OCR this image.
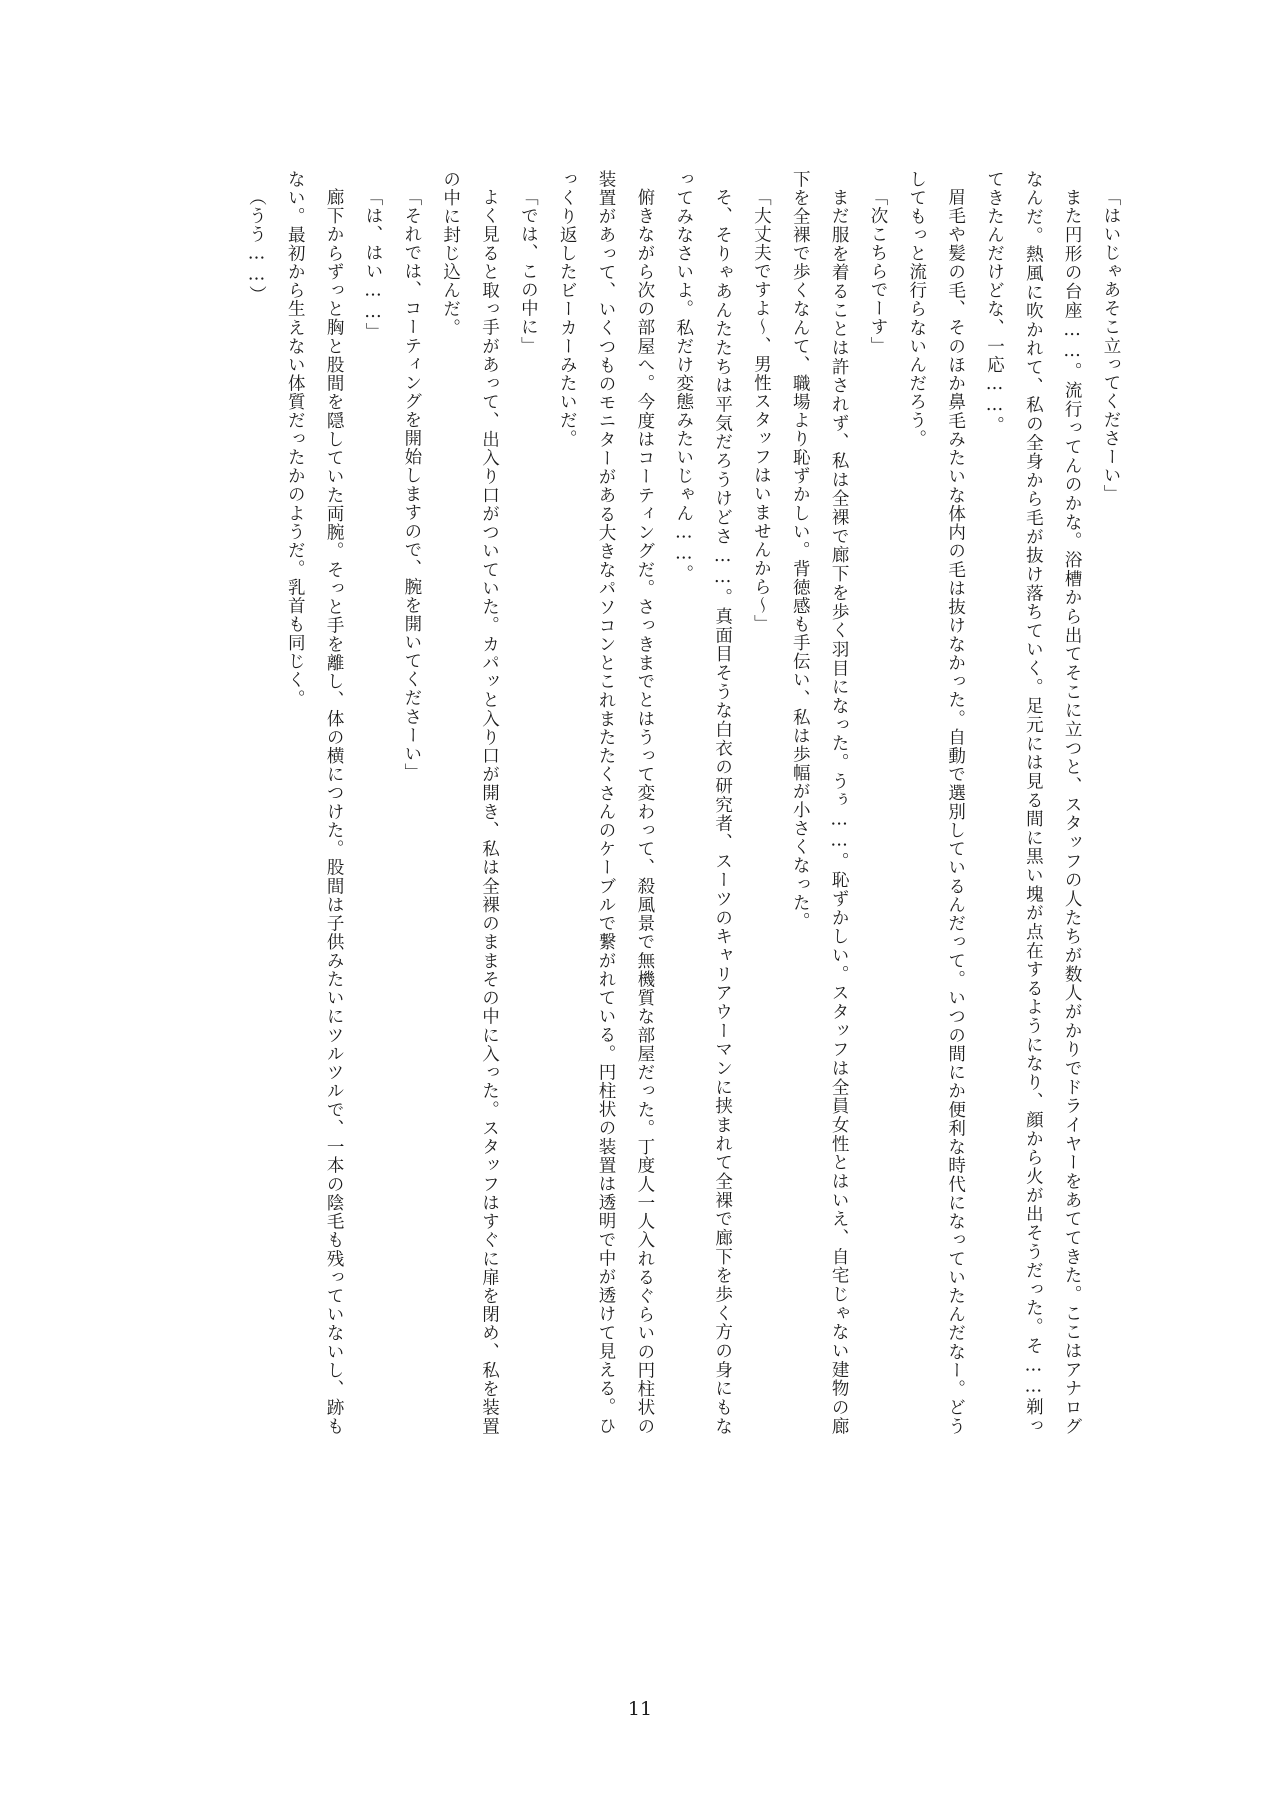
「はいじゃあそこ立ってくださーい」

また円形の台座……。流行ってんのかな。浴槽から出てそこに立つと、スタッフの人たちが数人がかりでドライヤーをあててきた。ここはアナログなんだ。熱風に吹かれて、私の全身から毛が抜け落ちていく。足元には見る間に黒い塊が点在するようになり、顔から火が出そうだった。そ……剃ってきたんだけどな、一応……。

眉毛や髪の毛、そのほか鼻毛みたいな体内の毛は抜けなかった。自動で選別しているんだって。いつの間にか便利な時代になっていたんだなー。どうしてもっと流行らないんだろう。

「次こちらでーす」

まだ服を着ることは許されず、私は全裸で廊下を歩く羽目になった。うぅ……。恥ずかしい。スタッフは全員女性とはいえ、自宅じゃない建物の廊下を全裸で歩くなんて、職場より恥ずかしい。背徳感も手伝い、私は歩幅が小さくなった。

「大丈夫ですよ〜、男性スタッフはいませんから〜」

そ、そりゃあんたたちは平気だろうけどさ……。真面目そうな白衣の研究者、スーツのキャリアウーマンに挟まれて全裸で廊下を歩く方の身にもなってみなさいよ。私だけ変態みたいじゃん……。

俯きながら次の部屋へ。今度はコーティングだ。さっきまでとはうって変わって、殺風景で無機質な部屋だった。丁度人一人入れるぐらいの円柱状の装置があって、いくつものモニターがある大きなパソコンとこれまたたくさんのケーブルで繋がれている。円柱状の装置は透明で中が透けて見える。ひっくり返したビーカーみたいだ。

「では、この中に」

よく見ると取っ手があって、出入り口がついていた。カパッと入り口が開き、私は全裸のままその中に入った。スタッフはすぐに扉を閉め、私を装置の中に封じ込んだ。

「それでは、コーティングを開始しますので、腕を開いてくださーい」

「は、はい……」

廊下からずっと胸と股間を隠していた両腕。そっと手を離し、体の横につけた。股間は子供みたいにツルツルで、一本の陰毛も残っていないし、跡もない。最初から生えない体質だったかのようだ。乳首も同じく。

（うう……）

11
